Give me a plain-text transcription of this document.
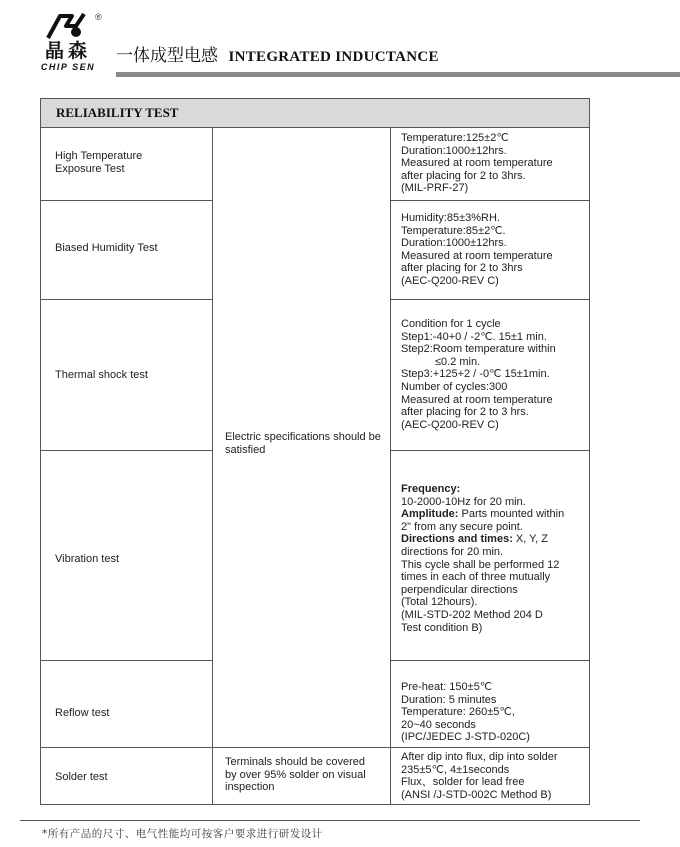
®
晶森
CHIP SEN
一体成型电感 INTEGRATED INDUCTANCE
RELIABILITY TEST
High Temperature
Exposure Test
Temperature:125±2℃
Duration:1000±12hrs.
Measured at room temperature
after placing for 2 to 3hrs.
(MIL-PRF-27)
Biased Humidity Test
Humidity:85±3%RH.
Temperature:85±2℃.
Duration:1000±12hrs.
Measured at room temperature
after placing for 2 to 3hrs
(AEC-Q200-REV C)
Thermal shock test
Condition for 1 cycle
Step1:-40+0 / -2℃. 15±1 min.
Step2:Room temperature within
≤0.2 min.
Step3:+125+2 / -0℃ 15±1min.
Number of cycles:300
Measured at room temperature
after placing for 2 to 3 hrs.
(AEC-Q200-REV C)
Electric specifications should be satisfied
Vibration test
Frequency:
10-2000-10Hz for 20 min.
Amplitude: Parts mounted within
2" from any secure point.
Directions and times: X, Y, Z
directions for 20 min.
This cycle shall be performed 12
times in each of three mutually
perpendicular directions
(Total 12hours).
(MIL-STD-202 Method 204 D
Test condition B)
Reflow test
Pre-heat: 150±5℃
Duration: 5 minutes
Temperature: 260±5℃,
20~40 seconds
(IPC/JEDEC J-STD-020C)
Solder test
Terminals should be covered
by over 95% solder on visual
inspection
After dip into flux, dip into solder
235±5℃, 4±1seconds
Flux、solder for lead free
(ANSI /J-STD-002C Method B)
*所有产品的尺寸、电气性能均可按客户要求进行研发设计
